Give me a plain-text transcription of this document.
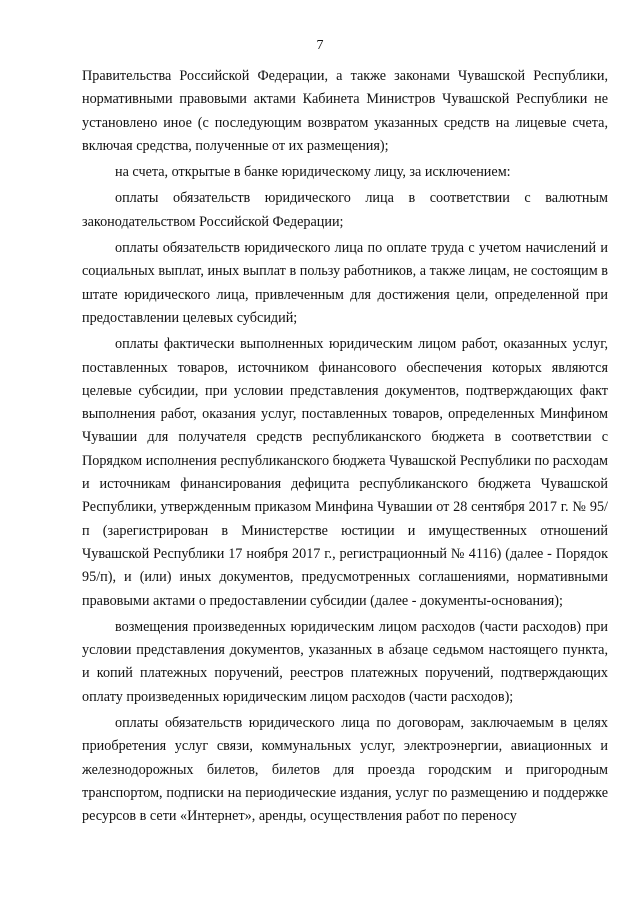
7

Правительства Российской Федерации, а также законами Чувашской Республики, нормативными правовыми актами Кабинета Министров Чувашской Республики не установлено иное (с последующим возвратом указанных средств на лицевые счета, включая средства, полученные от их размещения);

на счета, открытые в банке юридическому лицу, за исключением:

оплаты обязательств юридического лица в соответствии с валютным законодательством Российской Федерации;

оплаты обязательств юридического лица по оплате труда с учетом начислений и социальных выплат, иных выплат в пользу работников, а также лицам, не состоящим в штате юридического лица, привлеченным для достижения цели, определенной при предоставлении целевых субсидий;

оплаты фактически выполненных юридическим лицом работ, оказанных услуг, поставленных товаров, источником финансового обеспечения которых являются целевые субсидии, при условии представления документов, подтверждающих факт выполнения работ, оказания услуг, поставленных товаров, определенных Минфином Чувашии для получателя средств республиканского бюджета в соответствии с Порядком исполнения республиканского бюджета Чувашской Республики по расходам и источникам финансирования дефицита республиканского бюджета Чувашской Республики, утвержденным приказом Минфина Чувашии от 28 сентября 2017 г. № 95/п (зарегистрирован в Министерстве юстиции и имущественных отношений Чувашской Республики 17 ноября 2017 г., регистрационный № 4116) (далее - Порядок 95/п), и (или) иных документов, предусмотренных соглашениями, нормативными правовыми актами о предоставлении субсидии (далее - документы-основания);

возмещения произведенных юридическим лицом расходов (части расходов) при условии представления документов, указанных в абзаце седьмом настоящего пункта, и копий платежных поручений, реестров платежных поручений, подтверждающих оплату произведенных юридическим лицом расходов (части расходов);

оплаты обязательств юридического лица по договорам, заключаемым в целях приобретения услуг связи, коммунальных услуг, электроэнергии, авиационных и железнодорожных билетов, билетов для проезда городским и пригородным транспортом, подписки на периодические издания, услуг по размещению и поддержке ресурсов в сети «Интернет», аренды, осуществления работ по переносу
